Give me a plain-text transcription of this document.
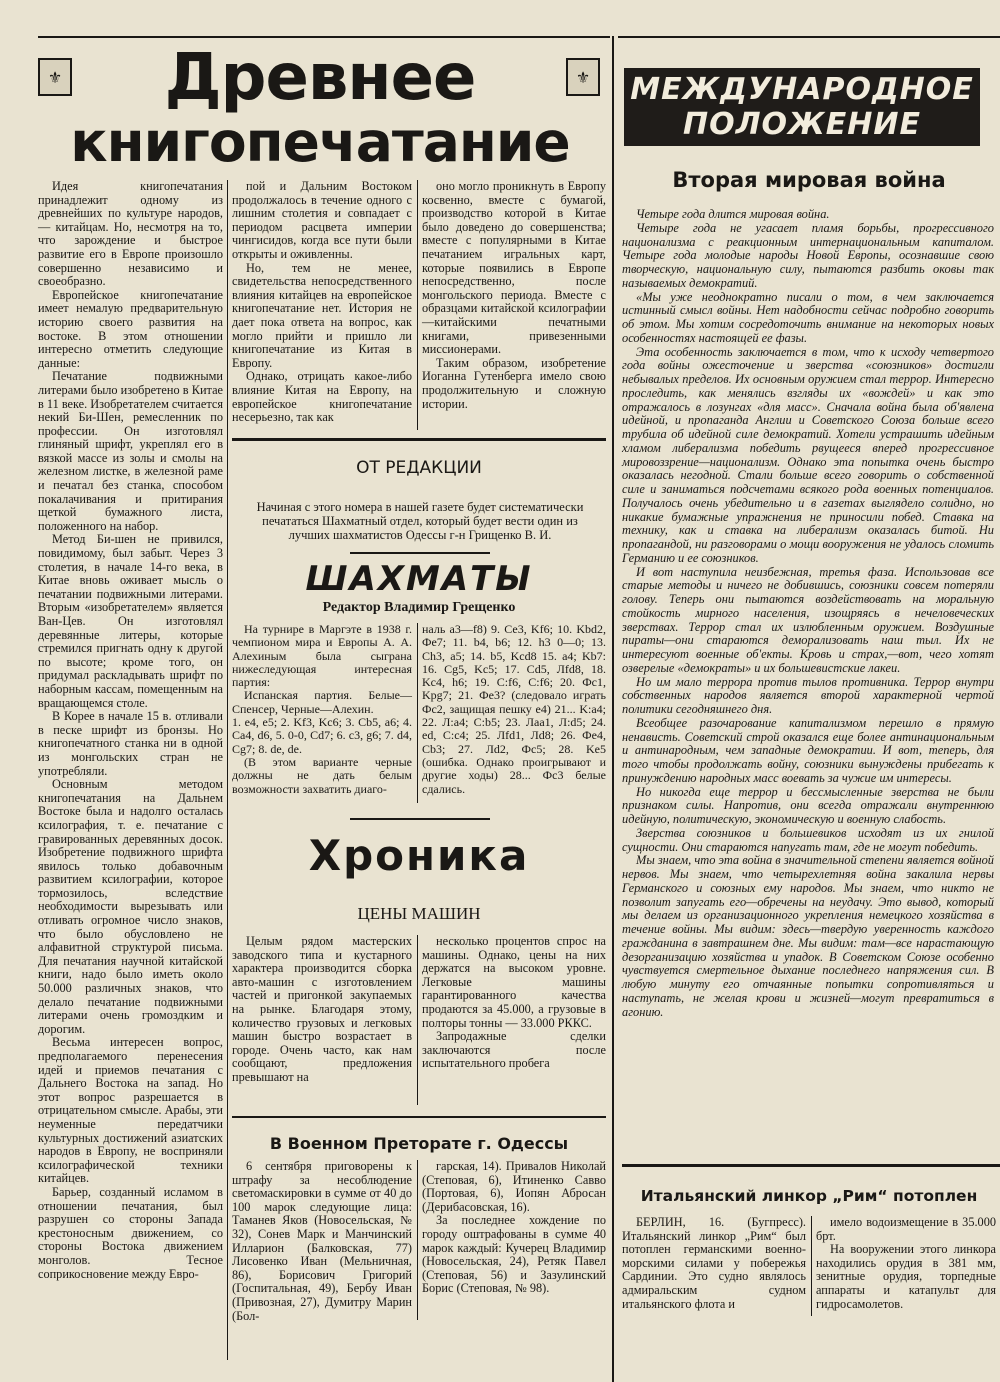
⚜	⚜
Древнее
книгопечатание

Идея книгопечатания принадлежит одному из древнейших по культуре народов,— китайцам. Но, несмотря на то, что зарождение и быстрое развитие его в Европе произошло совершенно независимо и своеобразно.

Европейское книгопечатание имеет немалую предварительную историю своего развития на востоке. В этом отношении интересно отметить следующие данные:

Печатание подвижными литерами было изобретено в Китае в 11 веке. Изобретателем считается некий Би-Шен, ремесленник по профессии. Он изготовлял глиняный шрифт, укреплял его в вязкой массе из золы и смолы на железном листке, в железной раме и печатал без станка, способом покалачивания и притирания щеткой бумажного листа, положенного на набор.

Метод Би-шен не привился, повидимому, был забыт. Через 3 столетия, в начале 14-го века, в Китае вновь оживает мысль о печатании подвижными литерами. Вторым «изобретателем» является Ван-Цев. Он изготовлял деревянные литеры, которые стремился пригнать одну к другой по высоте; кроме того, он придумал раскладывать шрифт по наборным кассам, помещенным на вращающемся столе.

В Корее в начале 15 в. отливали в песке шрифт из бронзы. Но книгопечатного станка ни в одной из монгольских стран не употребляли.

Основным методом книгопечатания на Дальнем Востоке была и надолго осталась ксилография, т. е. печатание с гравированных деревянных досок. Изобретение подвижного шрифта явилось только добавочным развитием ксилографии, которое тормозилось, вследствие необходимости вырезывать или отливать огромное число знаков, что было обусловлено не алфавитной структурой письма. Для печатания научной китайской книги, надо было иметь около 50.000 различных знаков, что делало печатание подвижными литерами очень громоздким и дорогим.

Весьма интересен вопрос, предполагаемого перенесения идей и приемов печатания с Дальнего Востока на запад. Но этот вопрос разрешается в отрицательном смысле. Арабы, эти неуменные передатчики культурных достижений азиатских народов в Европу, не восприняли ксилографической техники китайцев.

Барьер, созданный исламом в отношении печатания, был разрушен со стороны Запада крестоносным движением, со стороны Востока движением монголов. Тесное соприкосновение между Евро-

пой и Дальним Востоком продолжалось в течение одного с лишним столетия и совпадает с периодом расцвета империи чингисидов, когда все пути были открыты и оживленны.

Но, тем не менее, свидетельства непосредственного влияния китайцев на европейское книгопечатание нет. История не дает пока ответа на вопрос, как могло прийти и пришло ли книгопечатание из Китая в Европу.

Однако, отрицать какое-либо влияние Китая на Европу, на европейское книгопечатание несерьезно, так как

оно могло проникнуть в Европу косвенно, вместе с бумагой, производство которой в Китае было доведено до совершенства; вместе с популярными в Китае печатанием игральных карт, которые появились в Европе непосредственно, после монгольского периода. Вместе с образцами китайской ксилографии—китайскими печатными книгами, привезенными миссионерами.

Таким образом, изобретение Иоганна Гутенберга имело свою продолжительную и сложную истории.

ОТ РЕДАКЦИИ
Начиная с этого номера в нашей газете будет систематически печататься Шахматный отдел, который будет вести один из лучших шахматистов Одессы г-н Грищенко В. И.
ШАХМАТЫ
Редактор Владимир Грещенко

На турнире в Маргэте в 1938 г. чемпионом мира и Европы А. А. Алехиным была сыграна нижеследующая интересная партия:

Испанская партия. Белые—Спенсер, Черные—Алехин.

1. е4, е5; 2. Kf3, Kс6; 3. Сb5, а6; 4. Са4, d6, 5. 0-0, Сd7; 6. с3, g6; 7. d4, Сg7; 8. de, de.

(В этом варианте черные должны не дать белым возможности захватить диаго-

наль а3—f8) 9. Се3, Kf6; 10. Kbd2, Фе7; 11. b4, b6; 12. h3 0—0; 13. Сh3, а5; 14. b5, Kcd8 15. а4; Kb7: 16. Сg5, Kс5; 17. Сd5, Лfd8, 18. Kс4, h6; 19. С:f6, С:f6; 20. Фс1, Kрg7; 21. Фе3? (следовало играть Фс2, защищая пешку е4) 21... K:а4; 22. Л:а4; С:b5; 23. Лаа1, Л:d5; 24. еd, С:с4; 25. Лfd1, Лd8; 26. Фе4, Сb3; 27. Лd2, Фс5; 28. Kе5 (ошибка. Однако проигрывают и другие ходы) 28... Фс3 белые сдались.

Хроника
ЦЕНЫ МАШИН

Целым рядом мастерских заводского типа и кустарного характера производится сборка авто-машин с изготовлением частей и пригонкой закупаемых на рынке. Благодаря этому, количество грузовых и легковых машин быстро возрастает в городе. Очень часто, как нам сообщают, предложения превышают на

несколько процентов спрос на машины. Однако, цены на них держатся на высоком уровне. Легковые машины гарантированного качества продаются за 45.000, а грузовые в полторы тонны — 33.000 РККС.

Запродажные сделки заключаются после испытательного пробега

В Военном Преторате г. Одессы

6 сентября приговорены к штрафу за несоблюдение светомаскировки в сумме от 40 до 100 марок следующие лица: Таманев Яков (Новосельская, № 32), Сонев Марк и Манчинский Илларион (Балковская, 77) Лисовенко Иван (Мельничная, 86), Борисович Григорий (Госпитальная, 49), Бербу Иван (Привозная, 27), Думитру Марин (Бол-

гарская, 14). Привалов Николай (Степовая, 6), Итиненко Савво (Портовая, 6), Иопян Абросан (Дерибасовская, 16).

За последнее хождение по городу оштрафованы в сумме 40 марок каждый: Кучерец Владимир (Новосельская, 24), Ретяк Павел (Степовая, 56) и Зазулинский Борис (Степовая, № 98).

МЕЖДУНАРОДНОЕ
ПОЛОЖЕНИЕ
Вторая мировая война

Четыре года длится мировая война.

Четыре года не угасает пламя борьбы, прогрессивного национализма с реакционным интернациональным капиталом. Четыре года молодые народы Новой Европы, осознавшие свою творческую, национальную силу, пытаются разбить оковы так называемых демократий.

«Мы уже неоднократно писали о том, в чем заключается истинный смысл войны. Нет надобности сейчас подробно говорить об этом. Мы хотим сосредоточить внимание на некоторых новых особенностях настоящей ее фазы.

Эта особенность заключается в том, что к исходу четвертого года войны ожесточение и зверства «союзников» достигли небывалых пределов. Их основным оружием стал террор. Интересно проследить, как менялись взгляды их «вождей» и как это отражалось в лозунгах «для масс». Сначала война была об'явлена идейной, и пропаганда Англии и Советского Союза больше всего трубила об идейной силе демократий. Хотели устрашить идейным хламом либерализма победить рвущееся вперед прогрессивное мировоззрение—национализм. Однако эта попытка очень быстро оказалась негодной. Стали больше всего говорить о собственной силе и заниматься подсчетами всякого рода военных потенциалов. Получалось очень убедительно и в газетах выглядело солидно, но никакие бумажные упражнения не приносили побед. Ставка на технику, как и ставка на либерализм оказалась битой. Ни пропагандой, ни разговорами о мощи вооружения не удалось сломить Германию и ее союзников.

И вот наступила неизбежная, третья фаза. Использовав все старые методы и ничего не добившись, союзники совсем потеряли голову. Теперь они пытаются воздействовать на моральную стойкость мирного населения, изощряясь в нечеловеческих зверствах. Террор стал их излюбленным оружием. Воздушные пираты—они стараются деморализовать наш тыл. Их не интересуют военные об'екты. Кровь и страх,—вот, чего хотят озверелые «демократы» и их большевистские лакеи.

Но им мало террора против тылов противника. Террор внутри собственных народов является второй характерной чертой политики сегодняшнего дня.

Всеобщее разочарование капитализмом перешло в прямую ненависть. Советский строй оказался еще более антинациональным и антинародным, чем западные демократии. И вот, теперь, для того чтобы продолжать войну, союзники вынуждены прибегать к принуждению народных масс воевать за чужие им интересы.

Но никогда еще террор и бессмысленные зверства не были признаком силы. Напротив, они всегда отражали внутреннюю идейную, политическую, экономическую и военную слабость.

Зверства союзников и большевиков исходят из их гнилой сущности. Они стараются напугать там, где не могут победить.

Мы знаем, что эта война в значительной степени является войной нервов. Мы знаем, что четырехлетняя война закалила нервы Германского и союзных ему народов. Мы знаем, что никто не позволит запугать его—обречены на неудачу. Это вывод, который мы делаем из организационного укрепления немецкого хозяйства в течение войны. Мы видим: здесь—твердую уверенность каждого гражданина в завтрашнем дне. Мы видим: там—все нарастающую дезорганизацию хозяйства и упадок. В Советском Союзе особенно чувствуется смертельное дыхание последнего напряжения сил. В любую минуту его отчаянные попытки сопротивляться и наступать, не желая крови и жизней—могут превратиться в агонию.

Итальянский линкор „Рим“ потоплен

БЕРЛИН, 16. (Бугпресс). Итальянский линкор „Рим“ был потоплен германскими военно-морскими силами у побережья Сардинии. Это судно являлось адмиральским судном итальянского флота и

имело водоизмещение в 35.000 брт.

На вооружении этого линкора находились орудия в 381 мм, зенитные орудия, торпедные аппараты и катапульт для гидросамолетов.
